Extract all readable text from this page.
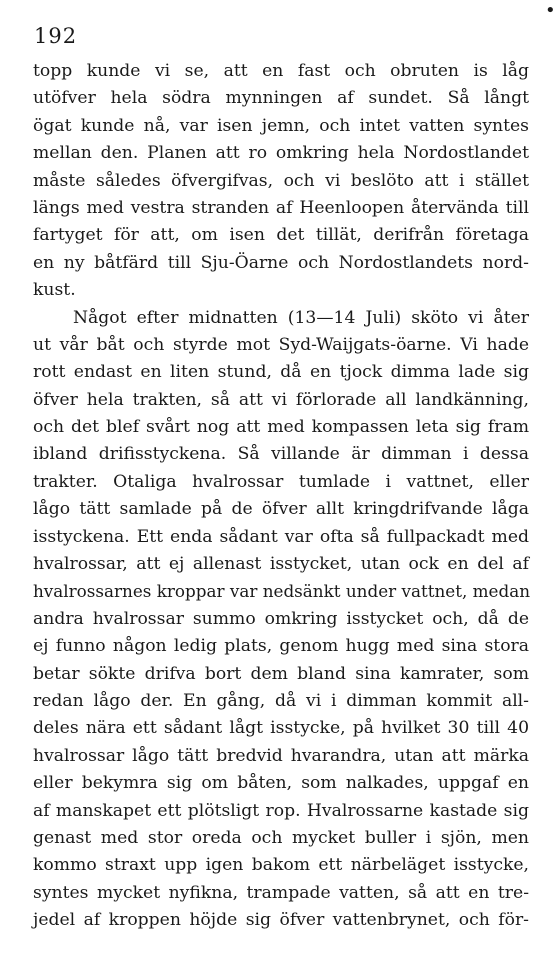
192
•
topp kunde vi se, att en fast och obruten is låg
utöfver hela södra mynningen af sundet. Så långt
ögat kunde nå, var isen jemn, och intet vatten syntes
mellan den. Planen att ro omkring hela Nordostlandet
måste således öfvergifvas, och vi beslöto att i stället
längs med vestra stranden af Heenloopen återvända till
fartyget för att, om isen det tillät, derifrån företaga
en ny båtfärd till Sju-Öarne och Nordostlandets nord-
kust.
Något efter midnatten (13—14 Juli) sköto vi åter
ut vår båt och styrde mot Syd-Waijgats-öarne. Vi hade
rott endast en liten stund, då en tjock dimma lade sig
öfver hela trakten, så att vi förlorade all landkänning,
och det blef svårt nog att med kompassen leta sig fram
ibland drifisstyckena. Så villande är dimman i dessa
trakter. Otaliga hvalrossar tumlade i vattnet, eller
lågo tätt samlade på de öfver allt kringdrifvande låga
isstyckena. Ett enda sådant var ofta så fullpackadt med
hvalrossar, att ej allenast isstycket, utan ock en del af
hvalrossarnes kroppar var nedsänkt under vattnet, medan
andra hvalrossar summo omkring isstycket och, då de
ej funno någon ledig plats, genom hugg med sina stora
betar sökte drifva bort dem bland sina kamrater, som
redan lågo der. En gång, då vi i dimman kommit all-
deles nära ett sådant lågt isstycke, på hvilket 30 till 40
hvalrossar lågo tätt bredvid hvarandra, utan att märka
eller bekymra sig om båten, som nalkades, uppgaf en
af manskapet ett plötsligt rop. Hvalrossarne kastade sig
genast med stor oreda och mycket buller i sjön, men
kommo straxt upp igen bakom ett närbeläget isstycke,
syntes mycket nyfikna, trampade vatten, så att en tre-
jedel af kroppen höjde sig öfver vattenbrynet, och för-
